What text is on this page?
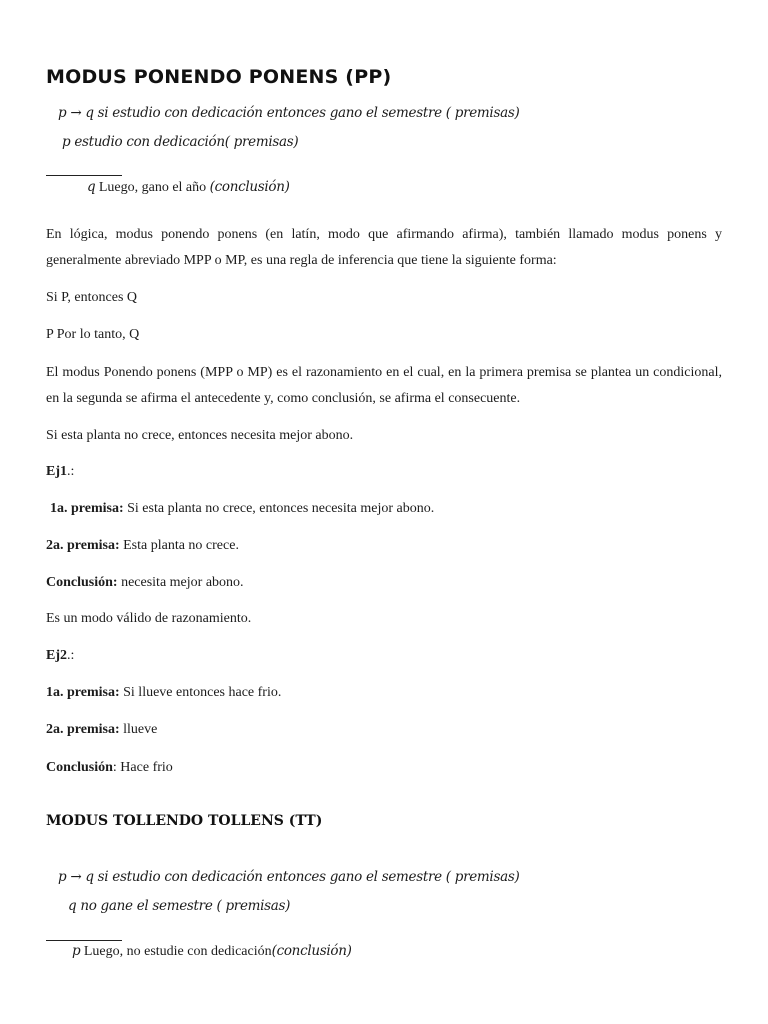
MODUS PONENDO PONENS (PP)
p → q si estudio con dedicación entonces gano el semestre ( premisas)
p estudio con dedicación( premisas)
q Luego, gano el año (conclusión)
En lógica, modus ponendo ponens (en latín, modo que afirmando afirma), también llamado modus ponens y generalmente abreviado MPP o MP, es una regla de inferencia que tiene la siguiente forma:
Si P, entonces Q
P Por lo tanto, Q
El modus Ponendo ponens (MPP o MP) es el razonamiento en el cual, en la primera premisa se plantea un condicional, en la segunda se afirma el antecedente y, como conclusión, se afirma el consecuente.
Si esta planta no crece, entonces necesita mejor abono.
Ej1.:
1a. premisa: Si esta planta no crece, entonces necesita mejor abono.
2a. premisa: Esta planta no crece.
Conclusión: necesita mejor abono.
Es un modo válido de razonamiento.
Ej2.:
1a. premisa: Si llueve entonces hace frio.
2a. premisa: llueve
Conclusión: Hace frio
MODUS TOLLENDO TOLLENS (TT)
p → q si estudio con dedicación entonces gano el semestre ( premisas)
q no gane el semestre ( premisas)
p Luego, no estudie con dedicación(conclusión)
